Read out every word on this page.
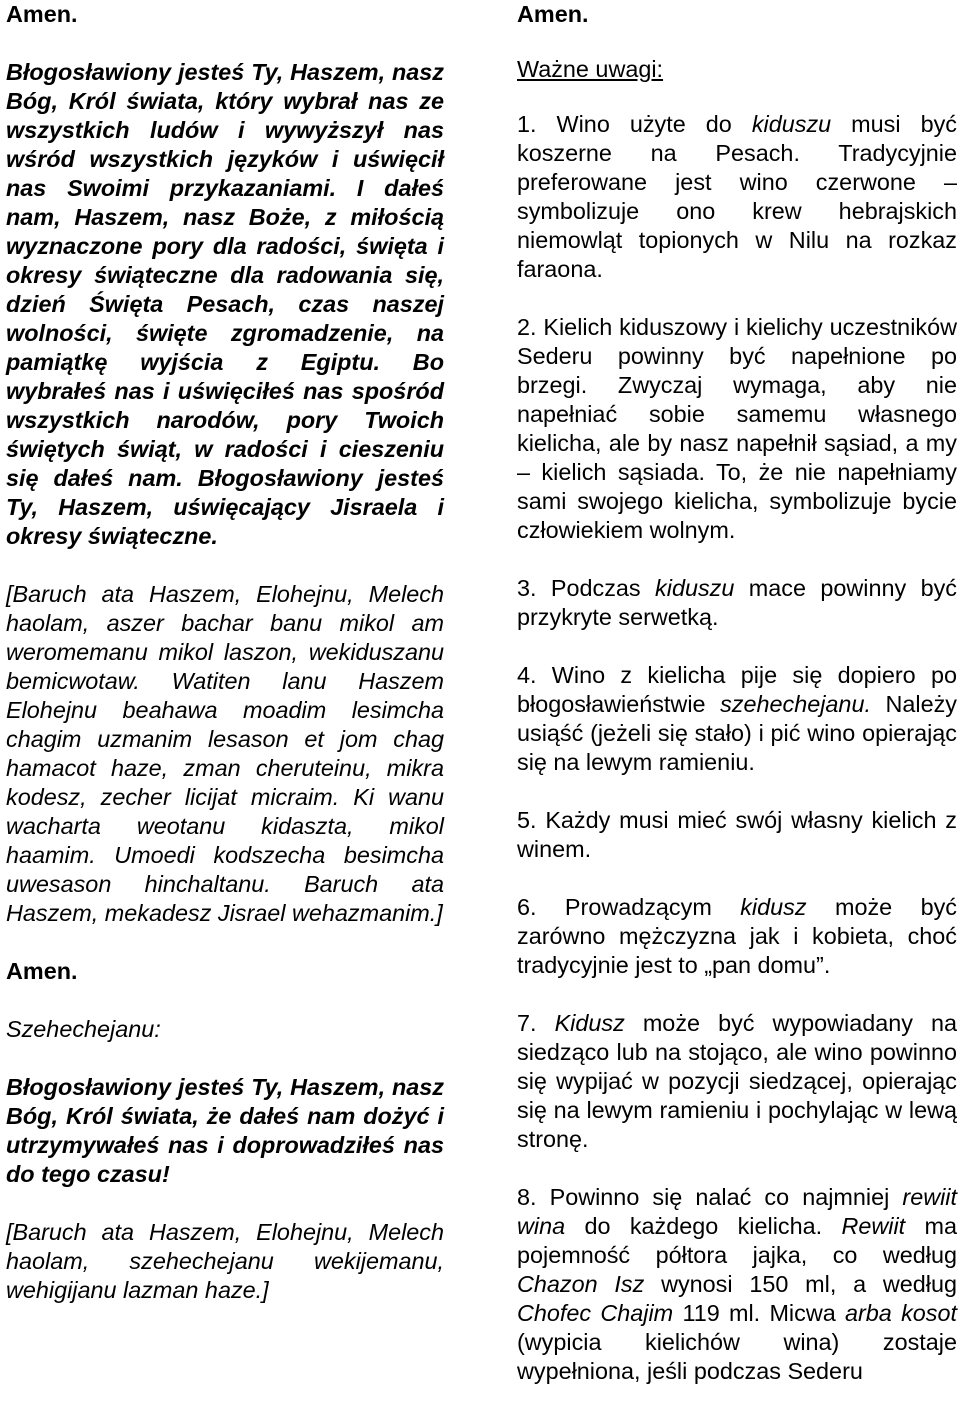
Amen.

Błogosławiony jesteś Ty, Haszem, nasz Bóg, Król świata, który wybrał nas ze wszystkich ludów i wywyższył nas wśród wszystkich języków i uświęcił nas Swoimi przykazaniami. I dałeś nam, Haszem, nasz Boże, z miłością wyznaczone pory dla radości, święta i okresy świąteczne dla radowania się, dzień Święta Pesach, czas naszej wolności, święte zgromadzenie, na pamiątkę wyjścia z Egiptu. Bo wybrałeś nas i uświęciłeś nas spośród wszystkich narodów, pory Twoich świętych świąt, w radości i cieszeniu się dałeś nam. Błogosławiony jesteś Ty, Haszem, uświęcający Jisraela i okresy świąteczne.

[Baruch ata Haszem, Elohejnu, Melech haolam, aszer bachar banu mikol am weromemanu mikol laszon, wekiduszanu bemicwotaw. Watiten lanu Haszem Elohejnu beahawa moadim lesimcha chagim uzmanim lesason et jom chag hamacot haze, zman cheruteinu, mikra kodesz, zecher licijat micraim. Ki wanu wacharta weotanu kidaszta, mikol haamim. Umoedi kodszecha besimcha uwesason hinchaltanu. Baruch ata Haszem, mekadesz Jisrael wehazmanim.]

Amen.

Szehechejanu:

Błogosławiony jesteś Ty, Haszem, nasz Bóg, Król świata, że dałeś nam dożyć i utrzymywałeś nas i doprowadziłeś nas do tego czasu!

[Baruch ata Haszem, Elohejnu, Melech haolam, szehechejanu wekijemanu, wehigijanu lazman haze.]

Amen.

Ważne uwagi:

1. Wino użyte do kiduszu musi być koszerne na Pesach. Tradycyjnie preferowane jest wino czerwone – symbolizuje ono krew hebrajskich niemowląt topionych w Nilu na rozkaz faraona.

2. Kielich kiduszowy i kielichy uczestników Sederu powinny być napełnione po brzegi. Zwyczaj wymaga, aby nie napełniać sobie samemu własnego kielicha, ale by nasz napełnił sąsiad, a my – kielich sąsiada. To, że nie napełniamy sami swojego kielicha, symbolizuje bycie człowiekiem wolnym.

3. Podczas kiduszu mace powinny być przykryte serwetką.

4. Wino z kielicha pije się dopiero po błogosławieństwie szehechejanu. Należy usiąść (jeżeli się stało) i pić wino opierając się na lewym ramieniu.

5. Każdy musi mieć swój własny kielich z winem.

6. Prowadzącym kidusz może być zarówno mężczyzna jak i kobieta, choć tradycyjnie jest to „pan domu”.

7. Kidusz może być wypowiadany na siedząco lub na stojąco, ale wino powinno się wypijać w pozycji siedzącej, opierając się na lewym ramieniu i pochylając w lewą stronę.

8. Powinno się nalać co najmniej rewiit wina do każdego kielicha. Rewiit ma pojemność półtora jajka, co według Chazon Isz wynosi 150 ml, a według Chofec Chajim 119 ml. Micwa arba kosot (wypicia kielichów wina) zostaje wypełniona, jeśli podczas Sederu
